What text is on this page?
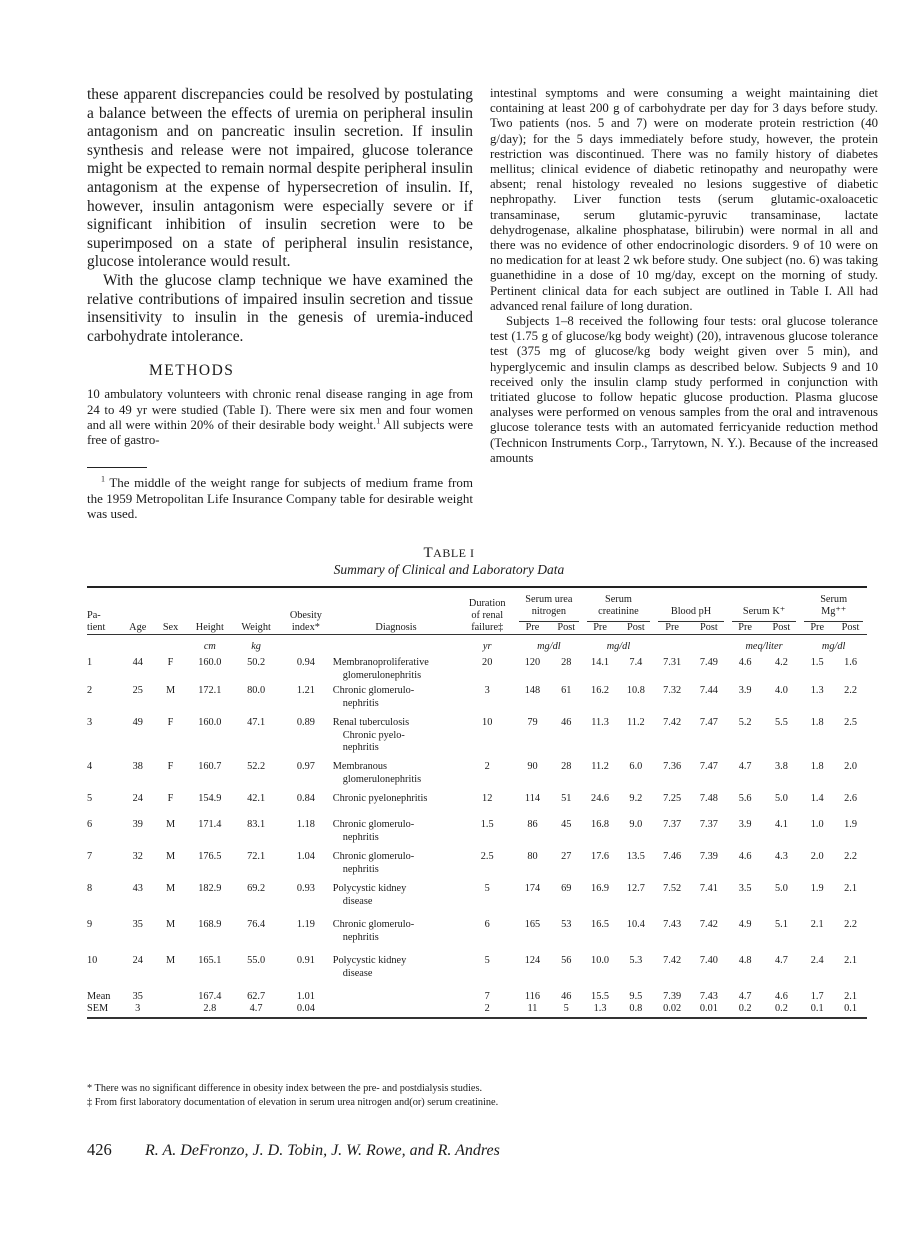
these apparent discrepancies could be resolved by postulating a balance between the effects of uremia on peripheral insulin antagonism and on pancreatic insulin secretion. If insulin synthesis and release were not impaired, glucose tolerance might be expected to remain normal despite peripheral insulin antagonism at the expense of hypersecretion of insulin. If, however, insulin antagonism were especially severe or if significant inhibition of insulin secretion were to be superimposed on a state of peripheral insulin resistance, glucose intolerance would result.

With the glucose clamp technique we have examined the relative contributions of impaired insulin secretion and tissue insensitivity to insulin in the genesis of uremia-induced carbohydrate intolerance.

METHODS

10 ambulatory volunteers with chronic renal disease ranging in age from 24 to 49 yr were studied (Table I). There were six men and four women and all were within 20% of their desirable body weight.$^1$ All subjects were free of gastro-

$^1$ The middle of the weight range for subjects of medium frame from the 1959 Metropolitan Life Insurance Company table for desirable weight was used.

intestinal symptoms and were consuming a weight maintaining diet containing at least 200 g of carbohydrate per day for 3 days before study. Two patients (nos. 5 and 7) were on moderate protein restriction (40 g/day); for the 5 days immediately before study, however, the protein restriction was discontinued. There was no family history of diabetes mellitus; clinical evidence of diabetic retinopathy and neuropathy were absent; renal histology revealed no lesions suggestive of diabetic nephropathy. Liver function tests (serum glutamic-oxaloacetic transaminase, serum glutamic-pyruvic transaminase, lactate dehydrogenase, alkaline phosphatase, bilirubin) were normal in all and there was no evidence of other endocrinologic disorders. 9 of 10 were on no medication for at least 2 wk before study. One subject (no. 6) was taking guanethidine in a dose of 10 mg/day, except on the morning of study. Pertinent clinical data for each subject are outlined in Table I. All had advanced renal failure of long duration.

Subjects 1–8 received the following four tests: oral glucose tolerance test (1.75 g of glucose/kg body weight) (20), intravenous glucose tolerance test (375 mg of glucose/kg body weight given over 5 min), and hyperglycemic and insulin clamps as described below. Subjects 9 and 10 received only the insulin clamp study performed in conjunction with tritiated glucose to follow hepatic glucose production. Plasma glucose analyses were performed on venous samples from the oral and intravenous glucose tolerance tests with an automated ferricyanide reduction method (Technicon Instruments Corp., Tarrytown, N. Y.). Because of the increased amounts

TABLE I
Summary of Clinical and Laboratory Data

Pa-
tient	Age	Sex	Height	Weight	Obesity
index*	Diagnosis	Duration
of renal
failure‡	Serum urea
nitrogen		Serum
creatinine		Blood pH		Serum K⁺		Serum
Mg⁺⁺	

								Pre	Post	Pre	Post	Pre	Post	Pre	Post	Pre	Post

			cm	kg			yr	mg/dl		mg/dl				meq/liter		mg/dl	
1	44	F	160.0	50.2	0.94	Membranoproliferative
glomerulonephritis	20	120	28	14.1	7.4	7.31	7.49	4.6	4.2	1.5	1.6
2	25	M	172.1	80.0	1.21	Chronic glomerulo-
nephritis	3	148	61	16.2	10.8	7.32	7.44	3.9	4.0	1.3	2.2
3	49	F	160.0	47.1	0.89	Renal tuberculosis
Chronic pyelo-
nephritis	10	79	46	11.3	11.2	7.42	7.47	5.2	5.5	1.8	2.5
4	38	F	160.7	52.2	0.97	Membranous
glomerulonephritis	2	90	28	11.2	6.0	7.36	7.47	4.7	3.8	1.8	2.0
5	24	F	154.9	42.1	0.84	Chronic pyelonephritis	12	114	51	24.6	9.2	7.25	7.48	5.6	5.0	1.4	2.6
6	39	M	171.4	83.1	1.18	Chronic glomerulo-
nephritis	1.5	86	45	16.8	9.0	7.37	7.37	3.9	4.1	1.0	1.9
7	32	M	176.5	72.1	1.04	Chronic glomerulo-
nephritis	2.5	80	27	17.6	13.5	7.46	7.39	4.6	4.3	2.0	2.2
8	43	M	182.9	69.2	0.93	Polycystic kidney
disease	5	174	69	16.9	12.7	7.52	7.41	3.5	5.0	1.9	2.1
9	35	M	168.9	76.4	1.19	Chronic glomerulo-
nephritis	6	165	53	16.5	10.4	7.43	7.42	4.9	5.1	2.1	2.2
10	24	M	165.1	55.0	0.91	Polycystic kidney
disease	5	124	56	10.0	5.3	7.42	7.40	4.8	4.7	2.4	2.1
Mean	35		167.4	62.7	1.01		7	116	46	15.5	9.5	7.39	7.43	4.7	4.6	1.7	2.1
SEM	3		2.8	4.7	0.04		2	11	5	1.3	0.8	0.02	0.01	0.2	0.2	0.1	0.1

* There was no significant difference in obesity index between the pre- and postdialysis studies.
‡ From first laboratory documentation of elevation in serum urea nitrogen and(or) serum creatinine.
426 R. A. DeFronzo, J. D. Tobin, J. W. Rowe, and R. Andres
